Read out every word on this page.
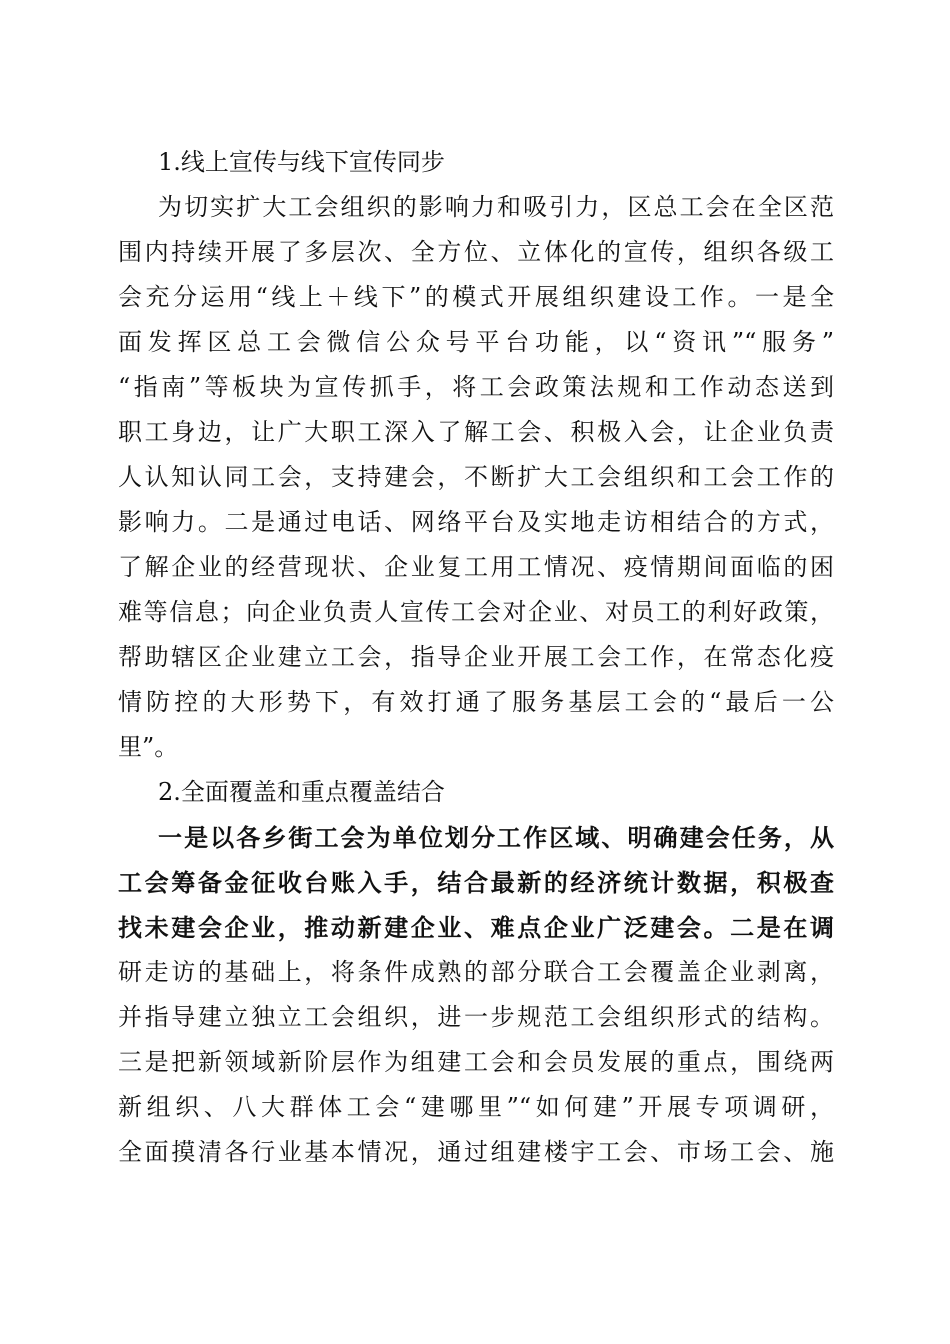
1.线上宣传与线下宣传同步
为切实扩大工会组织的影响力和吸引力，区总工会在全区范
围内持续开展了多层次、全方位、立体化的宣传，组织各级工
会充分运用“线上＋线下”的模式开展组织建设工作。一是全
面发挥区总工会微信公众号平台功能，以“资讯”“服务”
“指南”等板块为宣传抓手，将工会政策法规和工作动态送到
职工身边，让广大职工深入了解工会、积极入会，让企业负责
人认知认同工会，支持建会，不断扩大工会组织和工会工作的
影响力。二是通过电话、网络平台及实地走访相结合的方式，
了解企业的经营现状、企业复工用工情况、疫情期间面临的困
难等信息；向企业负责人宣传工会对企业、对员工的利好政策，
帮助辖区企业建立工会，指导企业开展工会工作，在常态化疫
情防控的大形势下，有效打通了服务基层工会的“最后一公
里”。
2.全面覆盖和重点覆盖结合
一是以各乡街工会为单位划分工作区域、明确建会任务，从
工会筹备金征收台账入手，结合最新的经济统计数据，积极查
找未建会企业，推动新建企业、难点企业广泛建会。二是在调
研走访的基础上，将条件成熟的部分联合工会覆盖企业剥离，
并指导建立独立工会组织，进一步规范工会组织形式的结构。
三是把新领域新阶层作为组建工会和会员发展的重点，围绕两
新组织、八大群体工会“建哪里”“如何建”开展专项调研，
全面摸清各行业基本情况，通过组建楼宇工会、市场工会、施
